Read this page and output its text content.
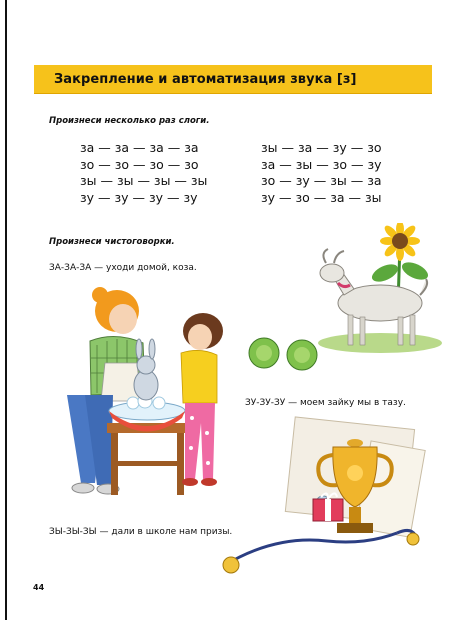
Закрепление и автоматизация звука [з]
Произнеси несколько раз слоги.
за — за — за — за
зо — зо — зо — зо
зы — зы — зы — зы
зу — зу — зу — зу
зы — за — зу — зо
за — зы — зо — зу
зо — зу — зы — за
зу — зо — за — зы
Произнеси чистоговорки.
ЗА-ЗА-ЗА — уходи домой, коза.
ЗУ-ЗУ-ЗУ — моем зайку мы в тазу.
ЗЫ-ЗЫ-ЗЫ — дали в школе нам призы.
44
